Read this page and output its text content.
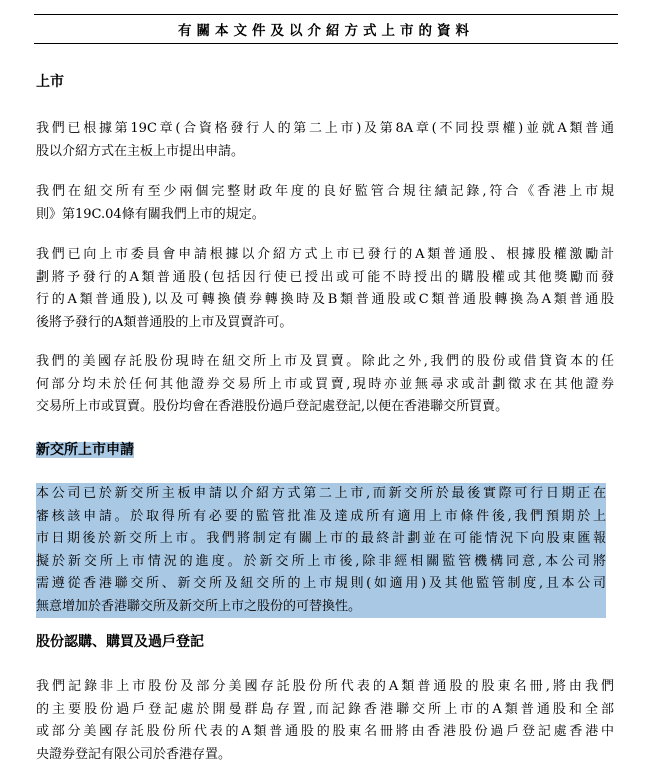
有關本文件及以介紹方式上市的資料
上市
我們已根據第19C章(合資格發行人的第二上市)及第8A章(不同投票權)並就A類普通
股以介紹方式在主板上市提出申請。
我們在紐交所有至少兩個完整財政年度的良好監管合規往績記錄,符合《香港上市規
則》第19C.04條有關我們上市的規定。
我們已向上市委員會申請根據以介紹方式上市已發行的A類普通股、根據股權激勵計
劃將予發行的A類普通股(包括因行使已授出或可能不時授出的購股權或其他獎勵而發
行的A類普通股),以及可轉換債券轉換時及B類普通股或C類普通股轉換為A類普通股
後將予發行的A類普通股的上市及買賣許可。
我們的美國存託股份現時在紐交所上市及買賣。除此之外,我們的股份或借貸資本的任
何部分均未於任何其他證券交易所上市或買賣,現時亦並無尋求或計劃徵求在其他證券
交易所上市或買賣。股份均會在香港股份過戶登記處登記,以便在香港聯交所買賣。
新交所上市申請
本公司已於新交所主板申請以介紹方式第二上市,而新交所於最後實際可行日期正在
審核該申請。於取得所有必要的監管批准及達成所有適用上市條件後,我們預期於上
市日期後於新交所上市。我們將制定有關上市的最終計劃並在可能情況下向股東匯報
擬於新交所上市情況的進度。於新交所上市後,除非經相關監管機構同意,本公司將
需遵從香港聯交所、新交所及紐交所的上市規則(如適用)及其他監管制度,且本公司
無意增加於香港聯交所及新交所上市之股份的可替換性。
股份認購、購買及過戶登記
我們記錄非上市股份及部分美國存託股份所代表的A類普通股的股東名冊,將由我們
的主要股份過戶登記處於開曼群島存置,而記錄香港聯交所上市的A類普通股和全部
或部分美國存託股份所代表的A類普通股的股東名冊將由香港股份過戶登記處香港中
央證券登記有限公司於香港存置。
